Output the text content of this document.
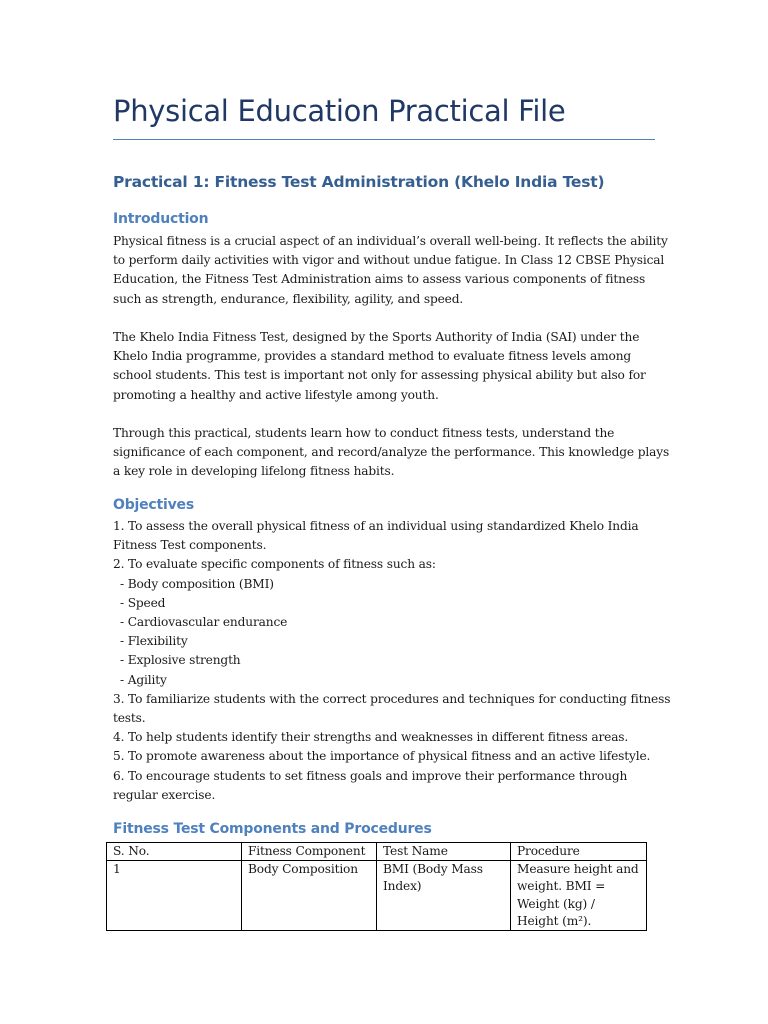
Physical Education Practical File
Practical 1: Fitness Test Administration (Khelo India Test)
Introduction

Physical fitness is a crucial aspect of an individual’s overall well-being. It reflects the ability
to perform daily activities with vigor and without undue fatigue. In Class 12 CBSE Physical
Education, the Fitness Test Administration aims to assess various components of fitness
such as strength, endurance, flexibility, agility, and speed.

The Khelo India Fitness Test, designed by the Sports Authority of India (SAI) under the
Khelo India programme, provides a standard method to evaluate fitness levels among
school students. This test is important not only for assessing physical ability but also for
promoting a healthy and active lifestyle among youth.

Through this practical, students learn how to conduct fitness tests, understand the
significance of each component, and record/analyze the performance. This knowledge plays
a key role in developing lifelong fitness habits.

Objectives
1. To assess the overall physical fitness of an individual using standardized Khelo India
Fitness Test components.
2. To evaluate specific components of fitness such as:
- Body composition (BMI)
- Speed
- Cardiovascular endurance
- Flexibility
- Explosive strength
- Agility
3. To familiarize students with the correct procedures and techniques for conducting fitness
tests.
4. To help students identify their strengths and weaknesses in different fitness areas.
5. To promote awareness about the importance of physical fitness and an active lifestyle.
6. To encourage students to set fitness goals and improve their performance through
regular exercise.
Fitness Test Components and Procedures
S. No.	Fitness Component	Test Name	Procedure
1	Body Composition	BMI (Body Mass
Index)	Measure height and
weight. BMI =
Weight (kg) /
Height (m²).
